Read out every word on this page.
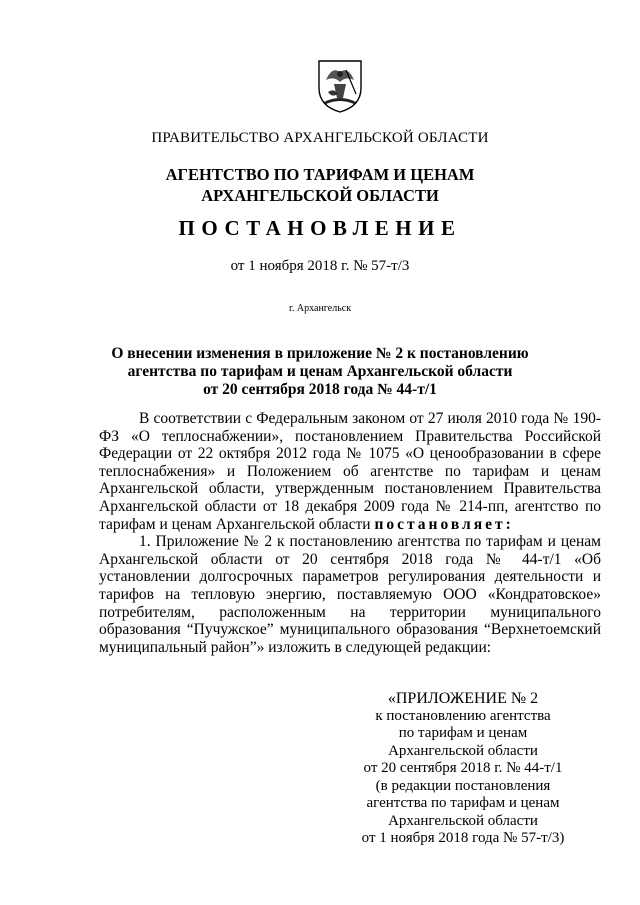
ПРАВИТЕЛЬСТВО АРХАНГЕЛЬСКОЙ ОБЛАСТИ
АГЕНТСТВО ПО ТАРИФАМ И ЦЕНАМ
АРХАНГЕЛЬСКОЙ ОБЛАСТИ
ПОСТАНОВЛЕНИЕ
от 1 ноября 2018 г. № 57-т/3
г. Архангельск
О внесении изменения в приложение № 2 к постановлению
агентства по тарифам и ценам Архангельской области
от 20 сентября 2018 года № 44-т/1

В соответствии с Федеральным законом от 27 июля 2010 года № 190-ФЗ «О теплоснабжении», постановлением Правительства Российской Федерации от 22 октября 2012 года № 1075 «О ценообразовании в сфере теплоснабжения» и Положением об агентстве по тарифам и ценам Архангельской области, утвержденным постановлением Правительства Архангельской области от 18 декабря 2009 года № 214-пп, агентство по тарифам и ценам Архангельской области постановляет:

1. Приложение № 2 к постановлению агентства по тарифам и ценам Архангельской области от 20 сентября 2018 года № 44-т/1 «Об установлении долгосрочных параметров регулирования деятельности и тарифов на тепловую энергию, поставляемую ООО «Кондратовское» потребителям, расположенным на территории муниципального образования “Пучужское” муниципального образования “Верхнетоемский муниципальный район”» изложить в следующей редакции:

«ПРИЛОЖЕНИЕ № 2
к постановлению агентства
по тарифам и ценам
Архангельской области
от 20 сентября 2018 г. № 44-т/1
(в редакции постановления
агентства по тарифам и ценам
Архангельской области
от 1 ноября 2018 года № 57-т/3)
